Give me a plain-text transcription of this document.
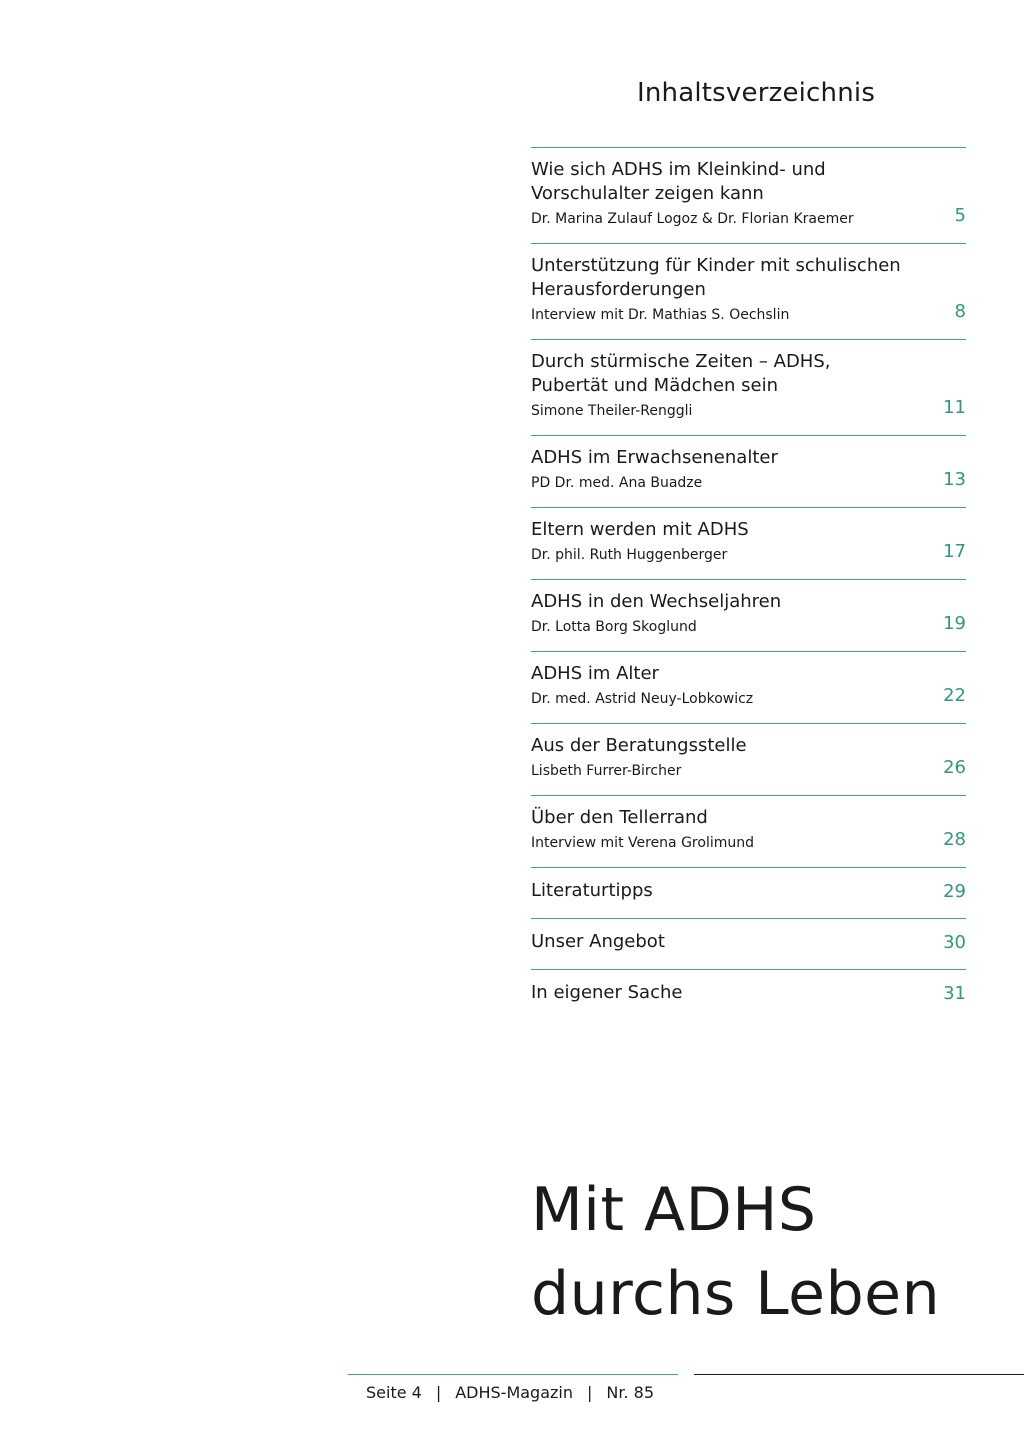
Inhaltsverzeichnis
Wie sich ADHS im Kleinkind- und Vorschulalter zeigen kann
Dr. Marina Zulauf Logoz & Dr. Florian Kraemer	5
Unterstützung für Kinder mit schulischen Herausforderungen
Interview mit Dr. Mathias S. Oechslin	8
Durch stürmische Zeiten – ADHS, Pubertät und Mädchen sein
Simone Theiler-Renggli	11
ADHS im Erwachsenenalter
PD Dr. med. Ana Buadze	13
Eltern werden mit ADHS
Dr. phil. Ruth Huggenberger	17
ADHS in den Wechseljahren
Dr. Lotta Borg Skoglund	19
ADHS im Alter
Dr. med. Astrid Neuy-Lobkowicz	22
Aus der Beratungsstelle
Lisbeth Furrer-Bircher	26
Über den Tellerrand
Interview mit Verena Grolimund	28
Literaturtipps	29
Unser Angebot	30
In eigener Sache	31
Mit ADHS
durchs Leben
Seite 4 | ADHS-Magazin | Nr. 85
